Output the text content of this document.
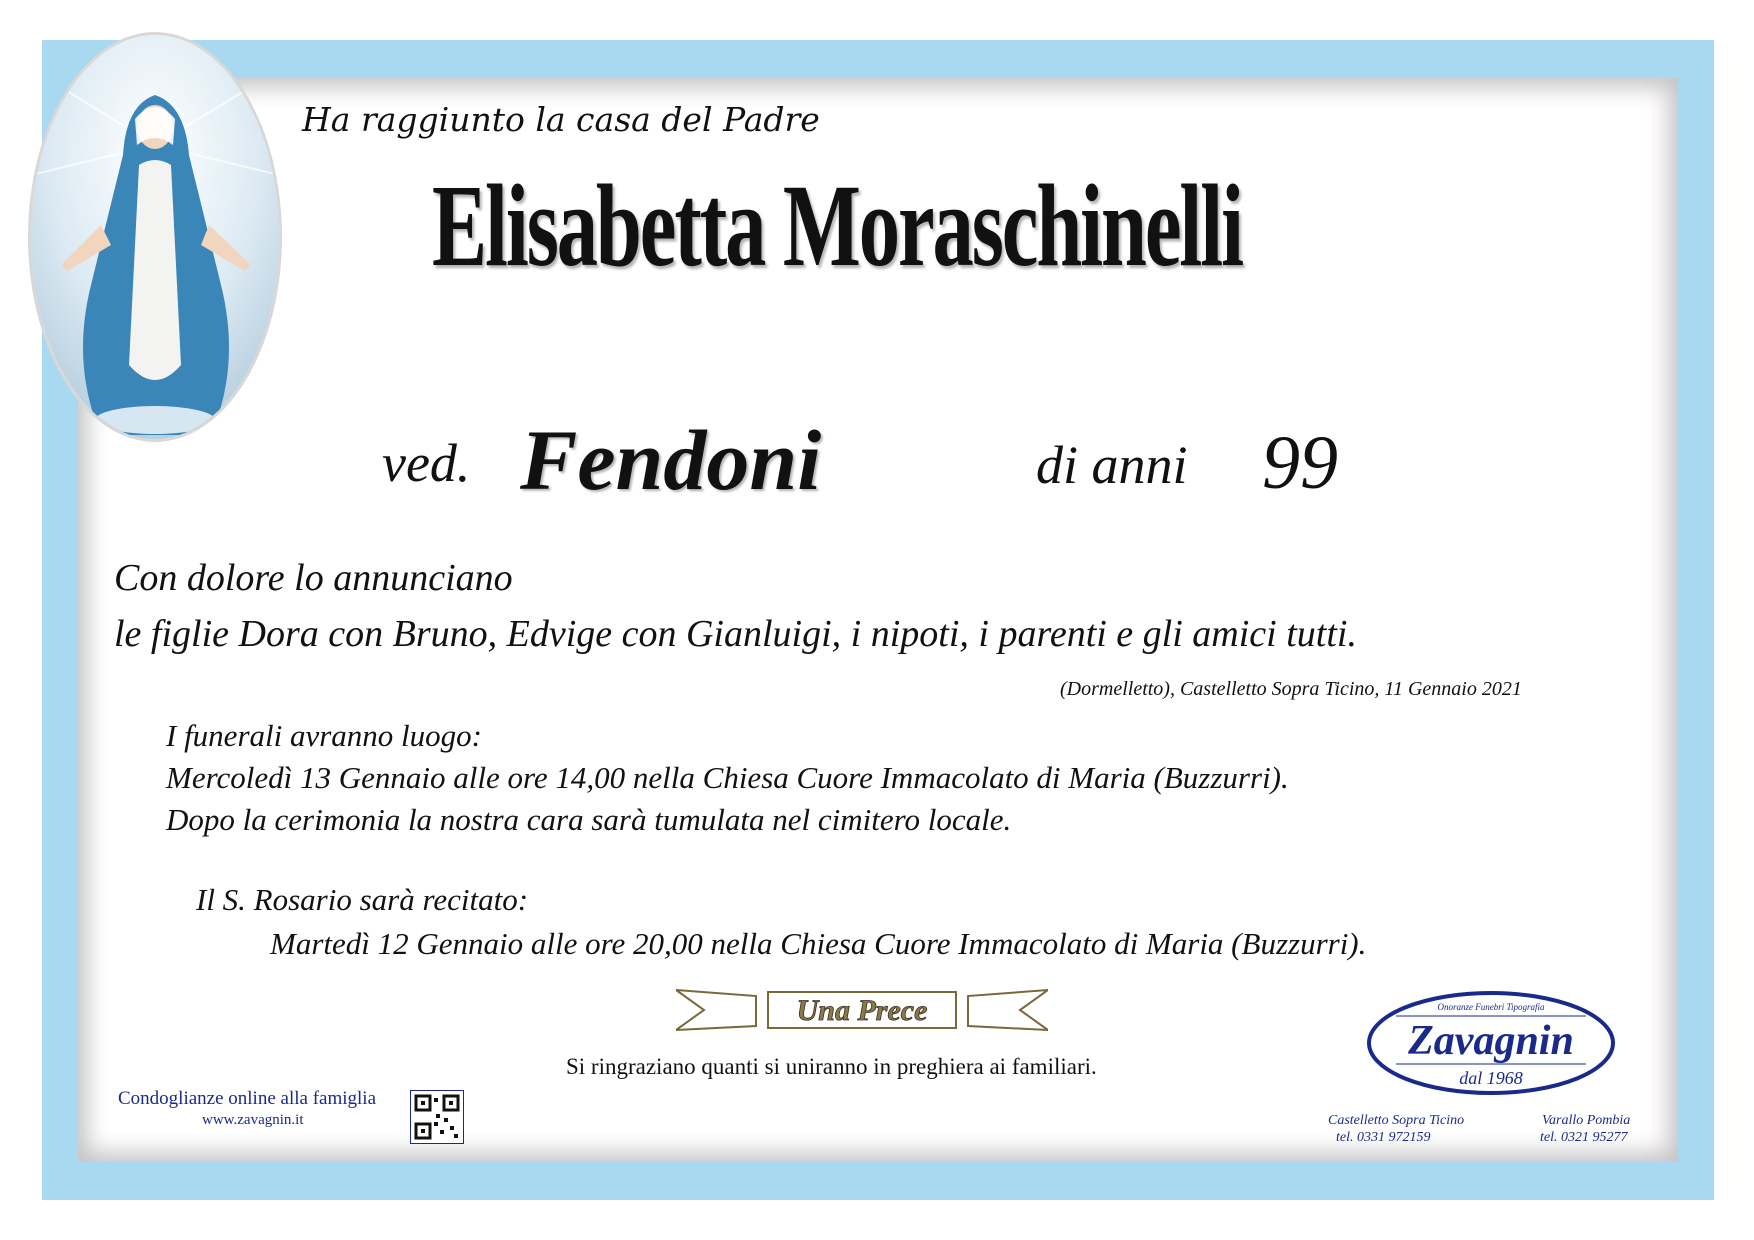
Ha raggiunto la casa del Padre
Elisabetta Moraschinelli
ved. Fendoni	di anni 99
Con dolore lo annunciano
le figlie Dora con Bruno, Edvige con Gianluigi, i nipoti, i parenti e gli amici tutti.
(Dormelletto), Castelletto Sopra Ticino, 11 Gennaio 2021
I funerali avranno luogo:
Mercoledì 13 Gennaio alle ore 14,00 nella Chiesa Cuore Immacolato di Maria (Buzzurri).
Dopo la cerimonia la nostra cara sarà tumulata nel cimitero locale.
Il S. Rosario sarà recitato:
Martedì 12 Gennaio alle ore 20,00 nella Chiesa Cuore Immacolato di Maria (Buzzurri).
Una Prece
Si ringraziano quanti si uniranno in preghiera ai familiari.
Condoglianze online alla famiglia
www.zavagnin.it
Onoranze Funebri Tipografia
Zavagnin
dal 1968
Castelletto Sopra Ticino
tel. 0331 972159
Varallo Pombia
tel. 0321 95277
